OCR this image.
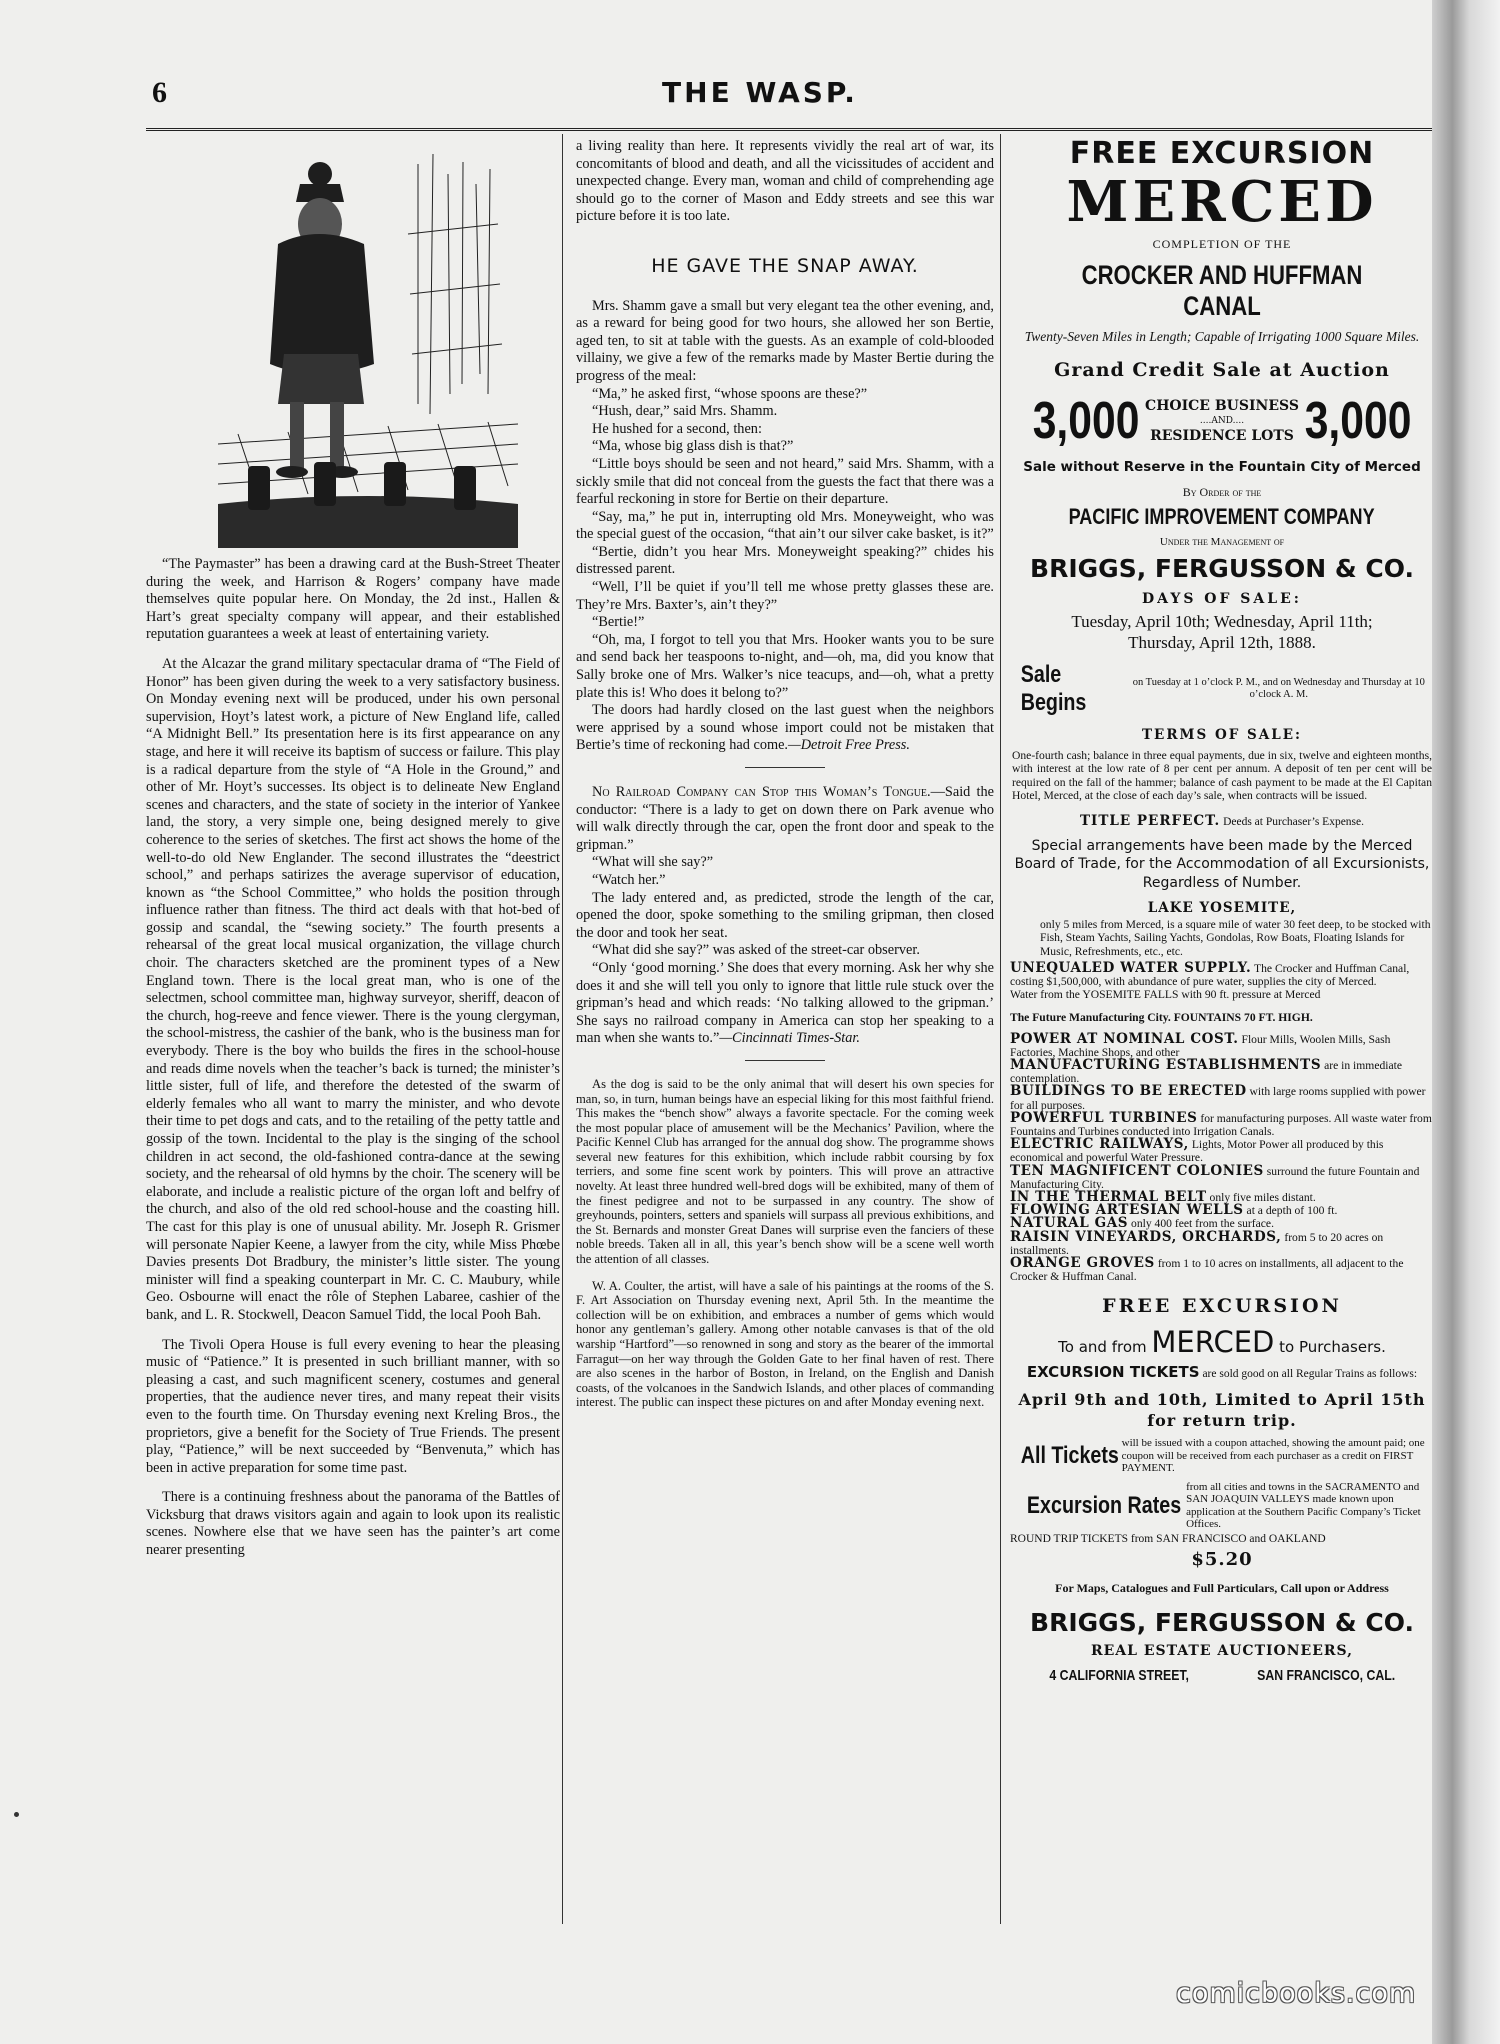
6	THE WASP.

“The Paymaster” has been a drawing card at the Bush-Street Theater during the week, and Harrison & Rogers’ company have made themselves quite popular here. On Monday, the 2d inst., Hallen & Hart’s great specialty company will appear, and their established reputation guarantees a week at least of entertaining variety.

At the Alcazar the grand military spectacular drama of “The Field of Honor” has been given during the week to a very satisfactory business. On Monday evening next will be produced, under his own personal supervision, Hoyt’s latest work, a picture of New England life, called “A Midnight Bell.” Its presentation here is its first appearance on any stage, and here it will receive its baptism of success or failure. This play is a radical departure from the style of “A Hole in the Ground,” and other of Mr. Hoyt’s successes. Its object is to delineate New England scenes and characters, and the state of society in the interior of Yankee land, the story, a very simple one, being designed merely to give coherence to the series of sketches. The first act shows the home of the well-to-do old New Englander. The second illustrates the “deestrict school,” and perhaps satirizes the average supervisor of education, known as “the School Committee,” who holds the position through influence rather than fitness. The third act deals with that hot-bed of gossip and scandal, the “sewing society.” The fourth presents a rehearsal of the great local musical organization, the village church choir. The characters sketched are the prominent types of a New England town. There is the local great man, who is one of the selectmen, school committee man, highway surveyor, sheriff, deacon of the church, hog-reeve and fence viewer. There is the young clergyman, the school-mistress, the cashier of the bank, who is the business man for everybody. There is the boy who builds the fires in the school-house and reads dime novels when the teacher’s back is turned; the minister’s little sister, full of life, and therefore the detested of the swarm of elderly females who all want to marry the minister, and who devote their time to pet dogs and cats, and to the retailing of the petty tattle and gossip of the town. Incidental to the play is the singing of the school children in act second, the old-fashioned contra-dance at the sewing society, and the rehearsal of old hymns by the choir. The scenery will be elaborate, and include a realistic picture of the organ loft and belfry of the church, and also of the old red school-house and the coasting hill. The cast for this play is one of unusual ability. Mr. Joseph R. Grismer will personate Napier Keene, a lawyer from the city, while Miss Phœbe Davies presents Dot Bradbury, the minister’s little sister. The young minister will find a speaking counterpart in Mr. C. C. Maubury, while Geo. Osbourne will enact the rôle of Stephen Labaree, cashier of the bank, and L. R. Stockwell, Deacon Samuel Tidd, the local Pooh Bah.

The Tivoli Opera House is full every evening to hear the pleasing music of “Patience.” It is presented in such brilliant manner, with so pleasing a cast, and such magnificent scenery, costumes and general properties, that the audience never tires, and many repeat their visits even to the fourth time. On Thursday evening next Kreling Bros., the proprietors, give a benefit for the Society of True Friends. The present play, “Patience,” will be next succeeded by “Benvenuta,” which has been in active preparation for some time past.

There is a continuing freshness about the panorama of the Battles of Vicksburg that draws visitors again and again to look upon its realistic scenes. Nowhere else that we have seen has the painter’s art come nearer presenting

a living reality than here. It represents vividly the real art of war, its concomitants of blood and death, and all the vicissitudes of accident and unexpected change. Every man, woman and child of comprehending age should go to the corner of Mason and Eddy streets and see this war picture before it is too late.

HE GAVE THE SNAP AWAY.

Mrs. Shamm gave a small but very elegant tea the other evening, and, as a reward for being good for two hours, she allowed her son Bertie, aged ten, to sit at table with the guests. As an example of cold-blooded villainy, we give a few of the remarks made by Master Bertie during the progress of the meal:

“Ma,” he asked first, “whose spoons are these?”

“Hush, dear,” said Mrs. Shamm.

He hushed for a second, then:

“Ma, whose big glass dish is that?”

“Little boys should be seen and not heard,” said Mrs. Shamm, with a sickly smile that did not conceal from the guests the fact that there was a fearful reckoning in store for Bertie on their departure.

“Say, ma,” he put in, interrupting old Mrs. Moneyweight, who was the special guest of the occasion, “that ain’t our silver cake basket, is it?”

“Bertie, didn’t you hear Mrs. Moneyweight speaking?” chides his distressed parent.

“Well, I’ll be quiet if you’ll tell me whose pretty glasses these are. They’re Mrs. Baxter’s, ain’t they?”

“Bertie!”

“Oh, ma, I forgot to tell you that Mrs. Hooker wants you to be sure and send back her teaspoons to-night, and—oh, ma, did you know that Sally broke one of Mrs. Walker’s nice teacups, and—oh, what a pretty plate this is! Who does it belong to?”

The doors had hardly closed on the last guest when the neighbors were apprised by a sound whose import could not be mistaken that Bertie’s time of reckoning had come.—Detroit Free Press.

No Railroad Company can Stop this Woman’s Tongue.—Said the conductor: “There is a lady to get on down there on Park avenue who will walk directly through the car, open the front door and speak to the gripman.”

“What will she say?”

“Watch her.”

The lady entered and, as predicted, strode the length of the car, opened the door, spoke something to the smiling gripman, then closed the door and took her seat.

“What did she say?” was asked of the street-car observer.

“Only ‘good morning.’ She does that every morning. Ask her why she does it and she will tell you only to ignore that little rule stuck over the gripman’s head and which reads: ‘No talking allowed to the gripman.’ She says no railroad company in America can stop her speaking to a man when she wants to.”—Cincinnati Times-Star.

As the dog is said to be the only animal that will desert his own species for man, so, in turn, human beings have an especial liking for this most faithful friend. This makes the “bench show” always a favorite spectacle. For the coming week the most popular place of amusement will be the Mechanics’ Pavilion, where the Pacific Kennel Club has arranged for the annual dog show. The programme shows several new features for this exhibition, which include rabbit coursing by fox terriers, and some fine scent work by pointers. This will prove an attractive novelty. At least three hundred well-bred dogs will be exhibited, many of them of the finest pedigree and not to be surpassed in any country. The show of greyhounds, pointers, setters and spaniels will surpass all previous exhibitions, and the St. Bernards and monster Great Danes will surprise even the fanciers of these noble breeds. Taken all in all, this year’s bench show will be a scene well worth the attention of all classes.

W. A. Coulter, the artist, will have a sale of his paintings at the rooms of the S. F. Art Association on Thursday evening next, April 5th. In the meantime the collection will be on exhibition, and embraces a number of gems which would honor any gentleman’s gallery. Among other notable canvases is that of the old warship “Hartford”—so renowned in song and story as the bearer of the immortal Farragut—on her way through the Golden Gate to her final haven of rest. There are also scenes in the harbor of Boston, in Ireland, on the English and Danish coasts, of the volcanoes in the Sandwich Islands, and other places of commanding interest. The public can inspect these pictures on and after Monday evening next.

FREE EXCURSION

MERCED

COMPLETION OF THE

CROCKER AND HUFFMAN CANAL

Twenty-Seven Miles in Length; Capable of Irrigating 1000 Square Miles.

Grand Credit Sale at Auction

3,000 CHOICE BUSINESS
....AND....
RESIDENCE LOTS 3,000

Sale without Reserve in the Fountain City of Merced

By Order of the

PACIFIC IMPROVEMENT COMPANY

Under the Management of

BRIGGS, FERGUSSON & CO.

DAYS OF SALE:

Tuesday, April 10th; Wednesday, April 11th;

Thursday, April 12th, 1888.

Sale Begins
on Tuesday at 1 o’clock P. M., and on Wednesday and Thursday at 10 o’clock A. M.

TERMS OF SALE:

One-fourth cash; balance in three equal payments, due in six, twelve and eighteen months, with interest at the low rate of 8 per cent per annum. A deposit of ten per cent will be required on the fall of the hammer; balance of cash payment to be made at the El Capitan Hotel, Merced, at the close of each day’s sale, when contracts will be issued.

TITLE PERFECT. Deeds at Purchaser’s Expense.

Special arrangements have been made by the Merced Board of Trade, for the Accommodation of all Excursionists, Regardless of Number.

LAKE YOSEMITE,

only 5 miles from Merced, is a square mile of water 30 feet deep, to be stocked with Fish, Steam Yachts, Sailing Yachts, Gondolas, Row Boats, Floating Islands for Music, Refreshments, etc., etc.

UNEQUALED WATER SUPPLY. The Crocker and Huffman Canal, costing $1,500,000, with abundance of pure water, supplies the city of Merced.
Water from the YOSEMITE FALLS with 90 ft. pressure at Merced
The Future Manufacturing City. FOUNTAINS 70 FT. HIGH.
POWER AT NOMINAL COST. Flour Mills, Woolen Mills, Sash Factories, Machine Shops, and other
MANUFACTURING ESTABLISHMENTS are in immediate contemplation.
BUILDINGS TO BE ERECTED with large rooms supplied with power for all purposes.
POWERFUL TURBINES for manufacturing purposes. All waste water from Fountains and Turbines conducted into Irrigation Canals.
ELECTRIC RAILWAYS, Lights, Motor Power all produced by this economical and powerful Water Pressure.
TEN MAGNIFICENT COLONIES surround the future Fountain and Manufacturing City.
IN THE THERMAL BELT only five miles distant.
FLOWING ARTESIAN WELLS at a depth of 100 ft.
NATURAL GAS only 400 feet from the surface.
RAISIN VINEYARDS, ORCHARDS, from 5 to 20 acres on installments.
ORANGE GROVES from 1 to 10 acres on installments, all adjacent to the Crocker & Huffman Canal.

FREE EXCURSION

To and from MERCED to Purchasers.

EXCURSION TICKETS are sold good on all Regular Trains as follows:

April 9th and 10th, Limited to April 15th for return trip.

All Tickets will be issued with a coupon attached, showing the amount paid; one coupon will be received from each purchaser as a credit on FIRST PAYMENT.
Excursion Rates
from all cities and towns in the SACRAMENTO and SAN JOAQUIN VALLEYS made known upon application at the Southern Pacific Company’s Ticket Offices.

ROUND TRIP TICKETS from SAN FRANCISCO and OAKLAND

$5.20

For Maps, Catalogues and Full Particulars, Call upon or Address

BRIGGS, FERGUSSON & CO.

REAL ESTATE AUCTIONEERS,

4 CALIFORNIA STREET,	SAN FRANCISCO, CAL.
comicbooks.com
